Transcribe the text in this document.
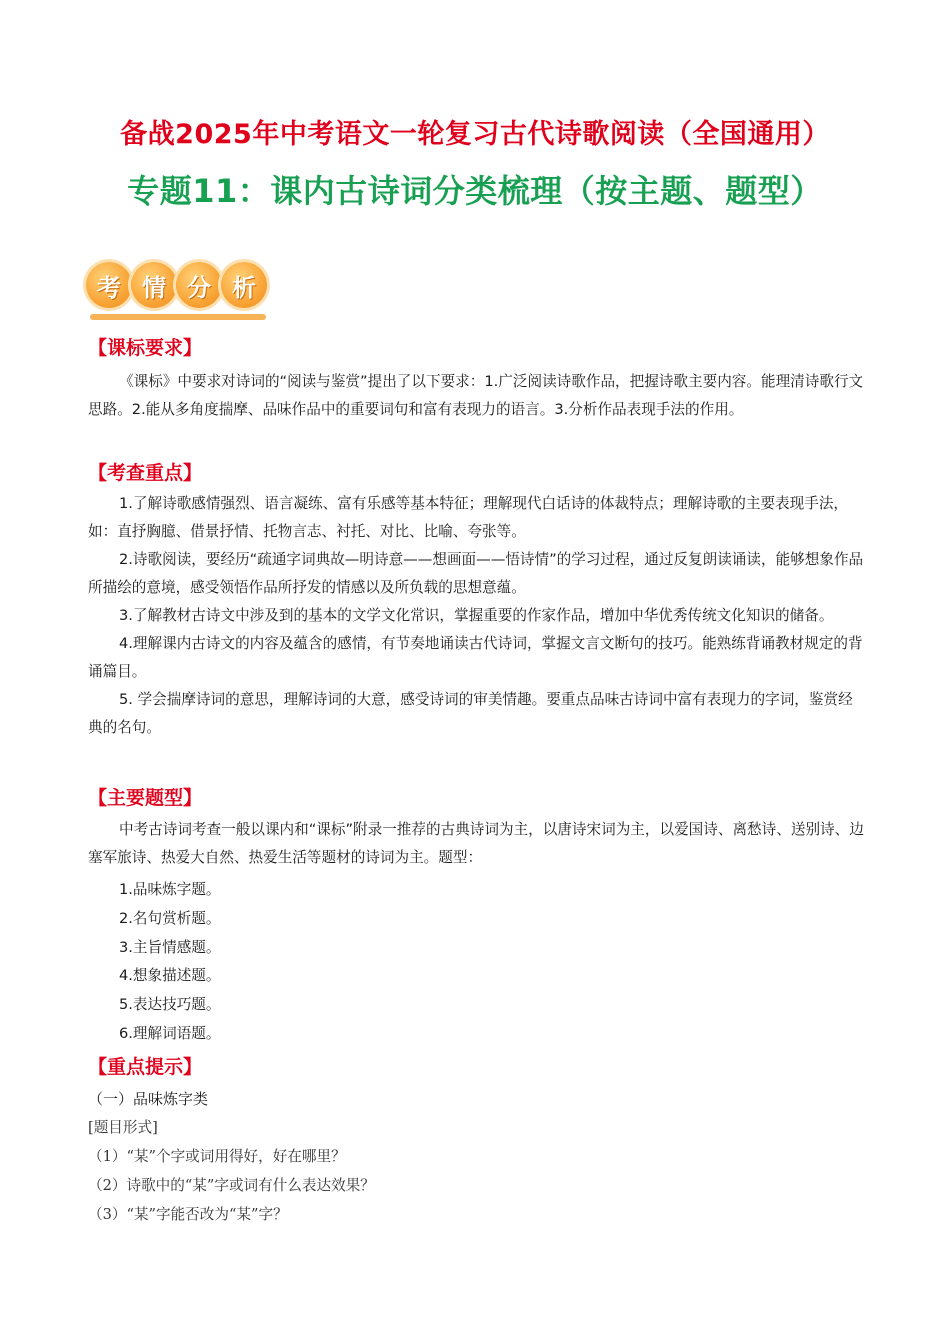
备战2025年中考语文一轮复习古代诗歌阅读（全国通用）
专题11：课内古诗词分类梳理（按主题、题型）
考 情 分 析
【课标要求】

《课标》中要求对诗词的“阅读与鉴赏”提出了以下要求：1.广泛阅读诗歌作品，把握诗歌主要内容。能理清诗歌行文思路。2.能从多角度揣摩、品味作品中的重要词句和富有表现力的语言。3.分析作品表现手法的作用。

【考查重点】

1.了解诗歌感情强烈、语言凝练、富有乐感等基本特征；理解现代白话诗的体裁特点；理解诗歌的主要表现手法，如：直抒胸臆、借景抒情、托物言志、衬托、对比、比喻、夸张等。

2.诗歌阅读，要经历“疏通字词典故—明诗意——想画面——悟诗情”的学习过程，通过反复朗读诵读，能够想象作品所描绘的意境，感受领悟作品所抒发的情感以及所负载的思想意蕴。

3.了解教材古诗文中涉及到的基本的文学文化常识，掌握重要的作家作品，增加中华优秀传统文化知识的储备。

4.理解课内古诗文的内容及蕴含的感情，有节奏地诵读古代诗词，掌握文言文断句的技巧。能熟练背诵教材规定的背诵篇目。

5. 学会揣摩诗词的意思，理解诗词的大意，感受诗词的审美情趣。要重点品味古诗词中富有表现力的字词，鉴赏经典的名句。

【主要题型】

中考古诗词考查一般以课内和“课标”附录一推荐的古典诗词为主，以唐诗宋词为主，以爱国诗、离愁诗、送别诗、边塞军旅诗、热爱大自然、热爱生活等题材的诗词为主。题型：

1.品味炼字题。
2.名句赏析题。
3.主旨情感题。
4.想象描述题。
5.表达技巧题。
6.理解词语题。
【重点提示】
（一）品味炼字类
[题目形式]
（1）“某”个字或词用得好，好在哪里？
（2）诗歌中的“某”字或词有什么表达效果？
（3）“某”字能否改为“某”字？
